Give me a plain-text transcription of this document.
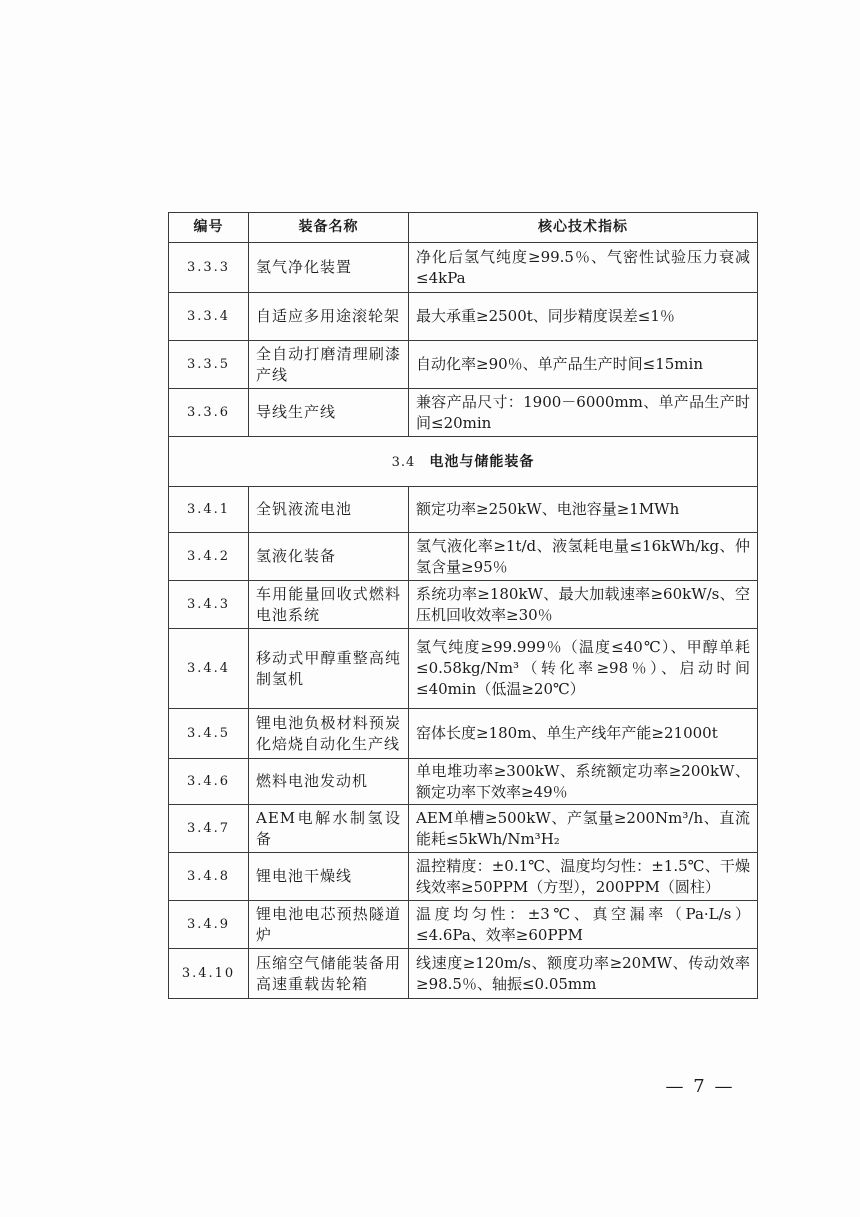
编号	装备名称	核心技术指标
3.3.3	氢气净化装置	净化后氢气纯度≥99.5％、气密性试验压力衰减≤4kPa
3.3.4	自适应多用途滚轮架	最大承重≥2500t、同步精度误差≤1％
3.3.5	全自动打磨清理刷漆产线	自动化率≥90％、单产品生产时间≤15min
3.3.6	导线生产线	兼容产品尺寸：1900－6000mm、单产品生产时间≤20min
3.4 电池与储能装备		
3.4.1	全钒液流电池	额定功率≥250kW、电池容量≥1MWh
3.4.2	氢液化装备	氢气液化率≥1t/d、液氢耗电量≤16kWh/kg、仲氢含量≥95％
3.4.3	车用能量回收式燃料电池系统	系统功率≥180kW、最大加载速率≥60kW/s、空压机回收效率≥30％
3.4.4	移动式甲醇重整高纯制氢机	氢气纯度≥99.999％（温度≤40℃）、甲醇单耗≤0.58kg/Nm³（转化率≥98％）、启动时间≤40min（低温≥20℃）
3.4.5	锂电池负极材料预炭化焙烧自动化生产线	窑体长度≥180m、单生产线年产能≥21000t
3.4.6	燃料电池发动机	单电堆功率≥300kW、系统额定功率≥200kW、额定功率下效率≥49％
3.4.7	AEM电解水制氢设备	AEM单槽≥500kW、产氢量≥200Nm³/h、直流能耗≤5kWh/Nm³H₂
3.4.8	锂电池干燥线	温控精度：±0.1℃、温度均匀性：±1.5℃、干燥线效率≥50PPM（方型），200PPM（圆柱）
3.4.9	锂电池电芯预热隧道炉	温度均匀性：±3℃、真空漏率（Pa·L/s）≤4.6Pa、效率≥60PPM
3.4.10	压缩空气储能装备用高速重载齿轮箱	线速度≥120m/s、额度功率≥20MW、传动效率≥98.5％、轴振≤0.05mm
— 7 —
